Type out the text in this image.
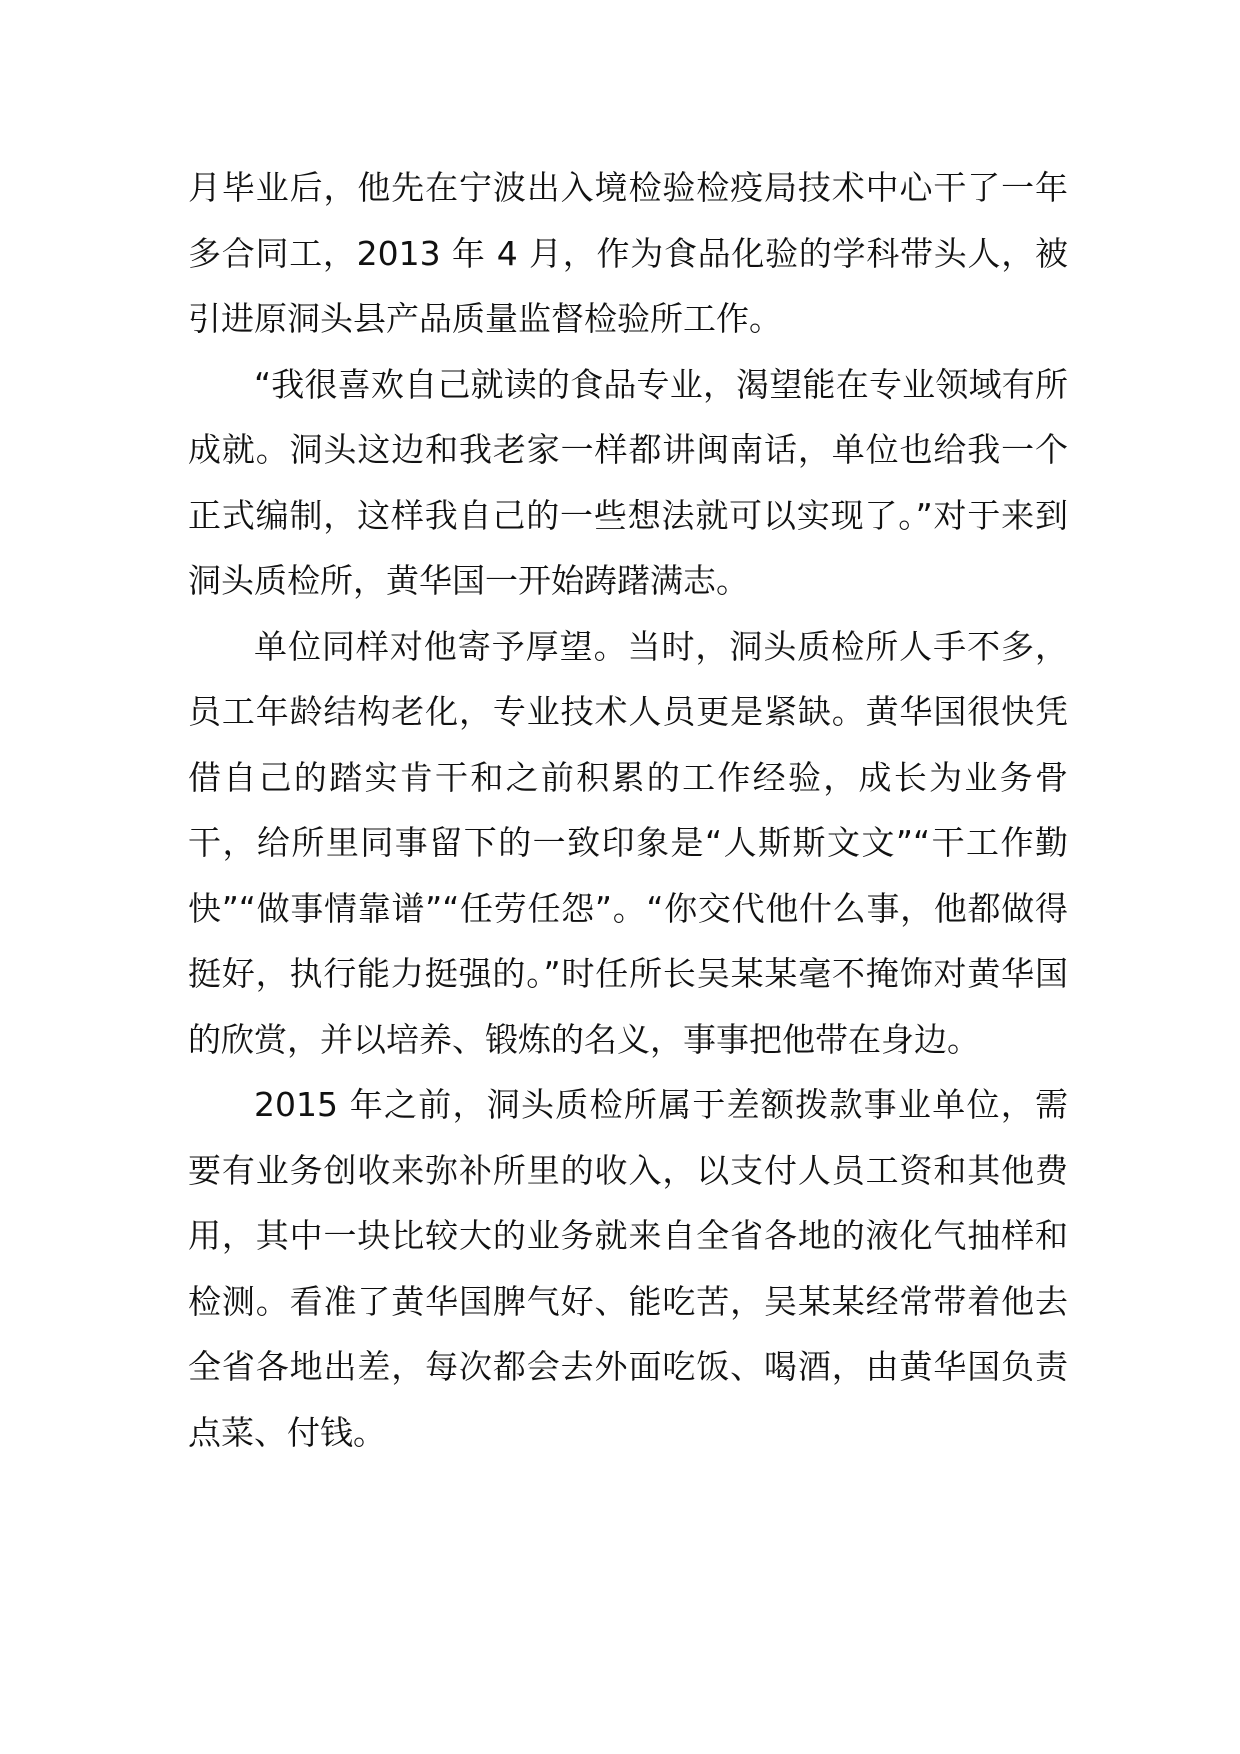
月毕业后，他先在宁波出入境检验检疫局技术中心干了一年多合同工，2013 年 4 月，作为食品化验的学科带头人，被引进原洞头县产品质量监督检验所工作。

“我很喜欢自己就读的食品专业，渴望能在专业领域有所成就。洞头这边和我老家一样都讲闽南话，单位也给我一个正式编制，这样我自己的一些想法就可以实现了。”对于来到洞头质检所，黄华国一开始踌躇满志。

单位同样对他寄予厚望。当时，洞头质检所人手不多，员工年龄结构老化，专业技术人员更是紧缺。黄华国很快凭借自己的踏实肯干和之前积累的工作经验，成长为业务骨干，给所里同事留下的一致印象是“人斯斯文文”“干工作勤快”“做事情靠谱”“任劳任怨”。“你交代他什么事，他都做得挺好，执行能力挺强的。”时任所长吴某某毫不掩饰对黄华国的欣赏，并以培养、锻炼的名义，事事把他带在身边。

2015 年之前，洞头质检所属于差额拨款事业单位，需要有业务创收来弥补所里的收入，以支付人员工资和其他费用，其中一块比较大的业务就来自全省各地的液化气抽样和检测。看准了黄华国脾气好、能吃苦，吴某某经常带着他去全省各地出差，每次都会去外面吃饭、喝酒，由黄华国负责点菜、付钱。
